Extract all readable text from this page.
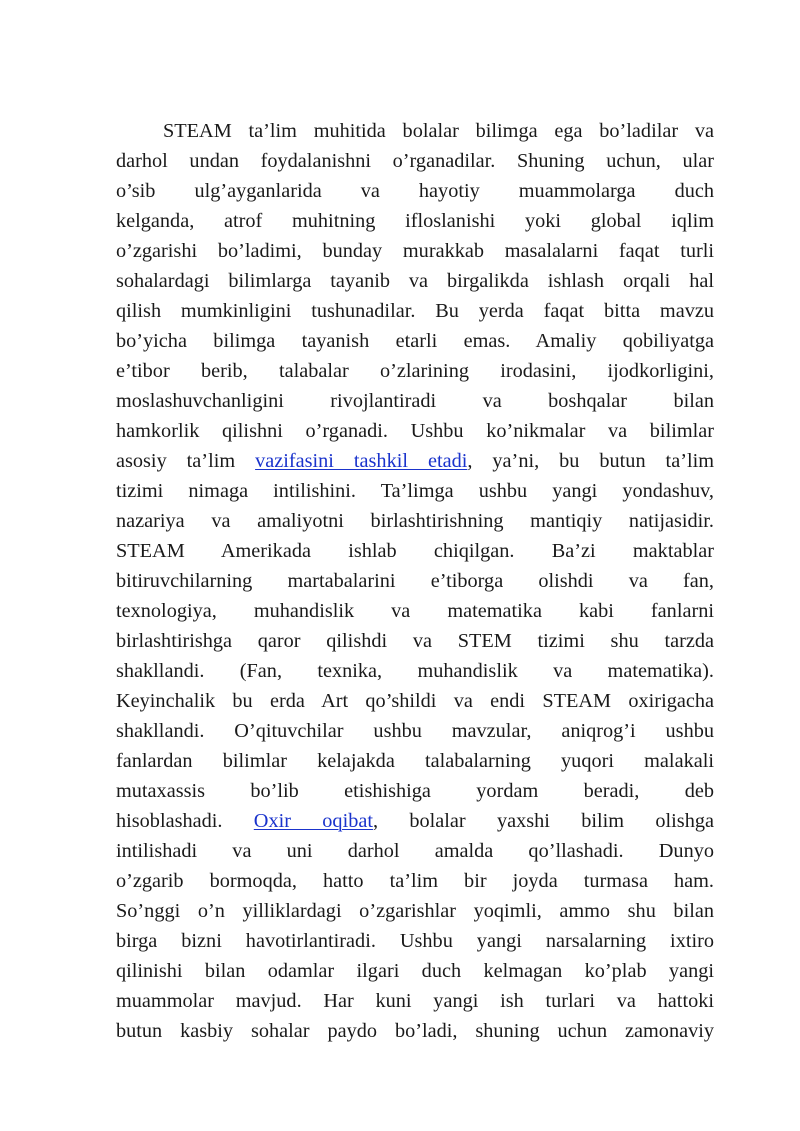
STEAM ta’lim muhitida bolalar bilimga ega bo’ladilar va
darhol undan foydalanishni o’rganadilar. Shuning uchun, ular
o’sib ulg’ayganlarida va hayotiy muammolarga duch
kelganda, atrof muhitning ifloslanishi yoki global iqlim
o’zgarishi bo’ladimi, bunday murakkab masalalarni faqat turli
sohalardagi bilimlarga tayanib va birgalikda ishlash orqali hal
qilish mumkinligini tushunadilar. Bu yerda faqat bitta mavzu
bo’yicha bilimga tayanish etarli emas. Amaliy qobiliyatga
e’tibor berib, talabalar o’zlarining irodasini, ijodkorligini,
moslashuvchanligini rivojlantiradi va boshqalar bilan
hamkorlik qilishni o’rganadi. Ushbu ko’nikmalar va bilimlar
asosiy ta’lim vazifasini tashkil etadi, ya’ni, bu butun ta’lim
tizimi nimaga intilishini. Ta’limga ushbu yangi yondashuv,
nazariya va amaliyotni birlashtirishning mantiqiy natijasidir.
STEAM Amerikada ishlab chiqilgan. Ba’zi maktablar
bitiruvchilarning martabalarini e’tiborga olishdi va fan,
texnologiya, muhandislik va matematika kabi fanlarni
birlashtirishga qaror qilishdi va STEM tizimi shu tarzda
shakllandi. (Fan, texnika, muhandislik va matematika).
Keyinchalik bu erda Art qo’shildi va endi STEAM oxirigacha
shakllandi. O’qituvchilar ushbu mavzular, aniqrog’i ushbu
fanlardan bilimlar kelajakda talabalarning yuqori malakali
mutaxassis bo’lib etishishiga yordam beradi, deb
hisoblashadi. Oxir oqibat, bolalar yaxshi bilim olishga
intilishadi va uni darhol amalda qo’llashadi. Dunyo
o’zgarib bormoqda, hatto ta’lim bir joyda turmasa ham.
So’nggi o’n yilliklardagi o’zgarishlar yoqimli, ammo shu bilan
birga bizni havotirlantiradi. Ushbu yangi narsalarning ixtiro
qilinishi bilan odamlar ilgari duch kelmagan ko’plab yangi
muammolar mavjud. Har kuni yangi ish turlari va hattoki
butun kasbiy sohalar paydo bo’ladi, shuning uchun zamonaviy
